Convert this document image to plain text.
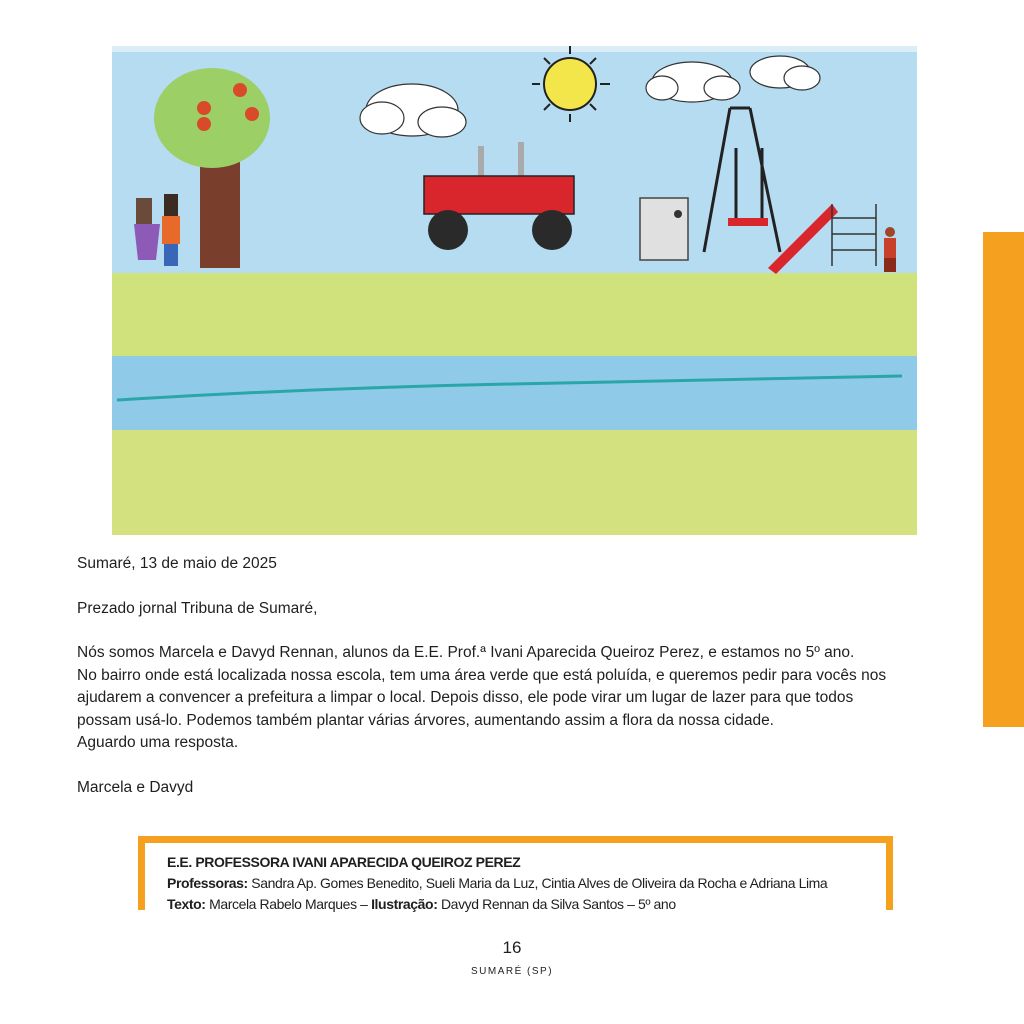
Sumaré, 13 de maio de 2025

Prezado jornal Tribuna de Sumaré,

Nós somos Marcela e Davyd Rennan, alunos da E.E. Prof.ª Ivani Aparecida Queiroz Perez, e estamos no 5º ano.

No bairro onde está localizada nossa escola, tem uma área verde que está poluída, e queremos pedir para vocês nos

ajudarem a convencer a prefeitura a limpar o local. Depois disso, ele pode virar um lugar de lazer para que todos

possam usá-lo. Podemos também plantar várias árvores, aumentando assim a flora da nossa cidade.

Aguardo uma resposta.

Marcela e Davyd

E.E. PROFESSORA IVANI APARECIDA QUEIROZ PEREZ
Professoras: Sandra Ap. Gomes Benedito, Sueli Maria da Luz, Cintia Alves de Oliveira da Rocha e Adriana Lima
Texto: Marcela Rabelo Marques – Ilustração: Davyd Rennan da Silva Santos – 5º ano
16
SUMARÉ (SP)
